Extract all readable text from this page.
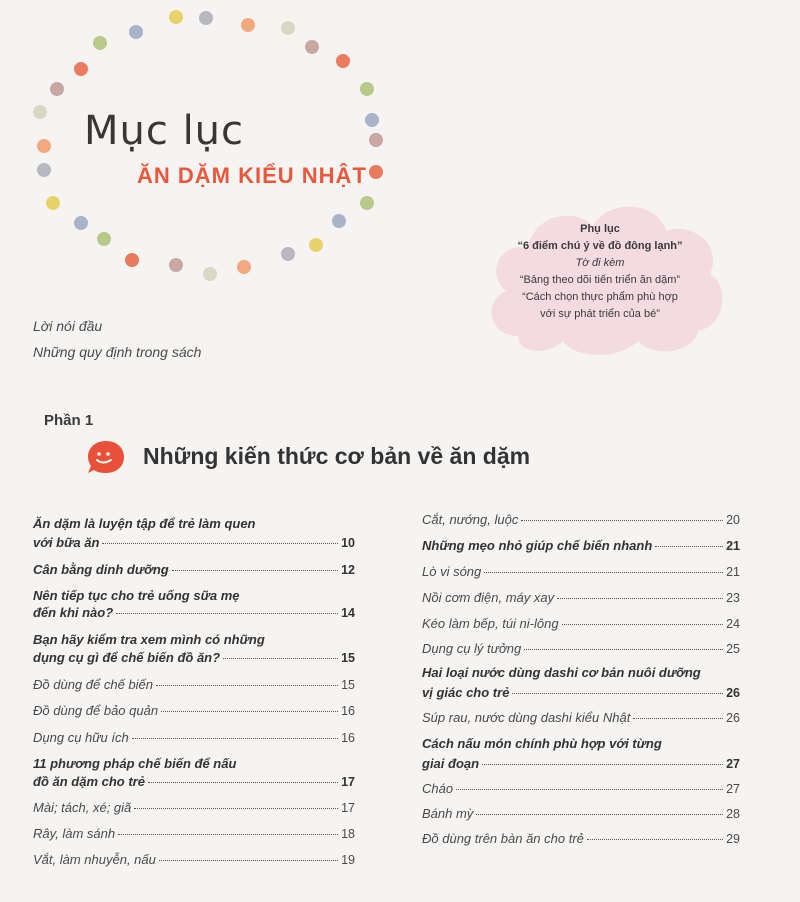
Mục lục
ĂN DẶM KIỂU NHẬT
Phụ lục
“6 điểm chú ý về đồ đông lạnh”
Tờ đi kèm
“Bảng theo dõi tiến triển ăn dặm”
“Cách chọn thực phẩm phù hợp
với sự phát triển của bé”
Lời nói đầu
Những quy định trong sách
Phần 1
Những kiến thức cơ bản về ăn dặm
Ăn dặm là luyện tập để trẻ làm quen
với bữa ăn	10
Cân bằng dinh dưỡng	12
Nên tiếp tục cho trẻ uống sữa mẹ
đến khi nào?	14
Bạn hãy kiểm tra xem mình có những
dụng cụ gì để chế biến đồ ăn?	15
Đồ dùng để chế biến	15
Đồ dùng để bảo quản	16
Dụng cụ hữu ích	16
11 phương pháp chế biến để nấu
đồ ăn dặm cho trẻ	17
Mài; tách, xé; giã	17
Rây, làm sánh	18
Vắt, làm nhuyễn, nấu	19
Cắt, nướng, luộc	20
Những mẹo nhỏ giúp chế biến nhanh	21
Lò vi sóng	21
Nồi cơm điện, máy xay	23
Kéo làm bếp, túi ni-lông	24
Dụng cụ lý tưởng	25
Hai loại nước dùng dashi cơ bản nuôi dưỡng
vị giác cho trẻ	26
Súp rau, nước dùng dashi kiểu Nhật	26
Cách nấu món chính phù hợp với từng
giai đoạn	27
Cháo	27
Bánh mỳ	28
Đồ dùng trên bàn ăn cho trẻ	29
